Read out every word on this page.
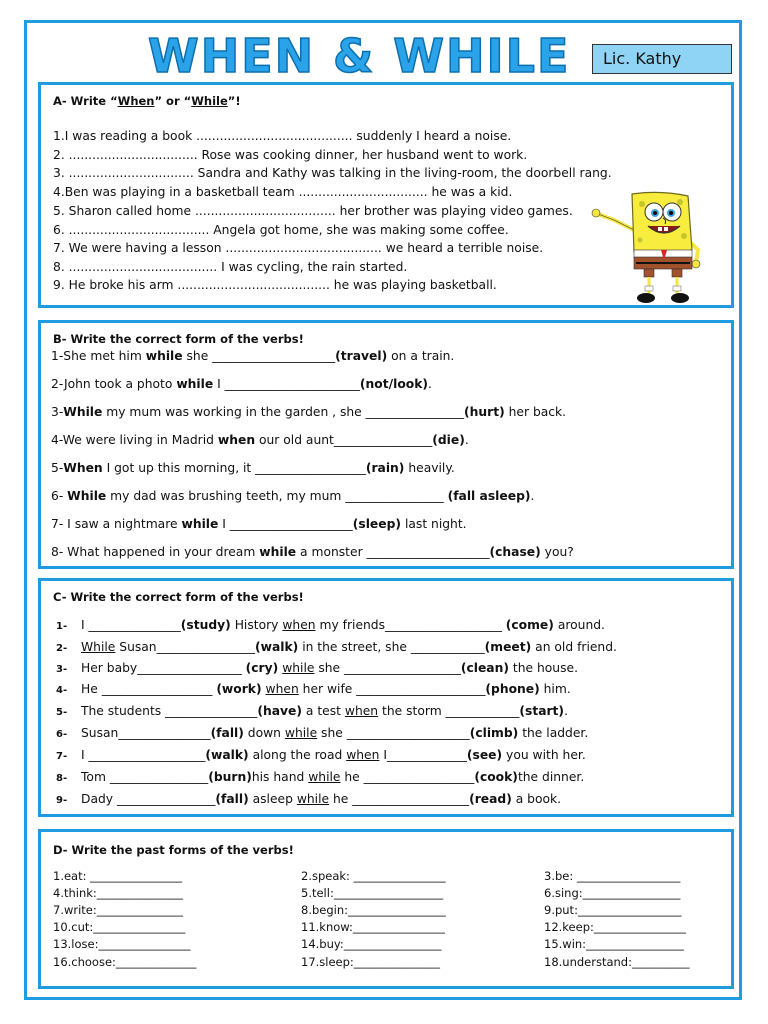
WHEN & WHILE	Lic. Kathy
A- Write “When” or “While”!
1.I was reading a book ........................................ suddenly I heard a noise.
2. ................................. Rose was cooking dinner, her husband went to work.
3. ................................ Sandra and Kathy was talking in the living-room, the doorbell rang.
4.Ben was playing in a basketball team ................................. he was a kid.
5. Sharon called home .................................... her brother was playing video games.
6. .................................... Angela got home, she was making some coffee.
7. We were having a lesson ........................................ we heard a terrible noise.
8. ...................................... I was cycling, the rain started.
9. He broke his arm ....................................... he was playing basketball.
B- Write the correct form of the verbs!
1-She met him while she ____________________(travel) on a train.
2-John took a photo while I ______________________(not/look).
3-While my mum was working in the garden , she ________________(hurt) her back.
4-We were living in Madrid when our old aunt________________(die).
5-When I got up this morning, it __________________(rain) heavily.
6- While my dad was brushing teeth, my mum ________________ (fall asleep).
7- I saw a nightmare while I ____________________(sleep) last night.
8- What happened in your dream while a monster ____________________(chase) you?
C- Write the correct form of the verbs!
1- I _______________(study) History when my friends___________________ (come) around.
2- While Susan________________(walk) in the street, she ____________(meet) an old friend.
3- Her baby_________________ (cry) while she ___________________(clean) the house.
4- He __________________ (work) when her wife _____________________(phone) him.
5- The students _______________(have) a test when the storm ____________(start).
6- Susan_______________(fall) down while she ____________________(climb) the ladder.
7- I ___________________(walk) along the road when I_____________(see) you with her.
8- Tom ________________(burn)his hand while he __________________(cook)the dinner.
9- Dady ________________(fall) asleep while he ___________________(read) a book.
D- Write the past forms of the verbs!
1.eat: ________________	2.speak: ________________	3.be: __________________
4.think:_______________	5.tell:___________________	6.sing:_________________
7.write:_______________	8.begin:_________________	9.put:__________________
10.cut:________________	11.know:________________	12.keep:________________
13.lose:________________	14.buy:_________________	15.win:_________________
16.choose:______________	17.sleep:_______________	18.understand:__________
